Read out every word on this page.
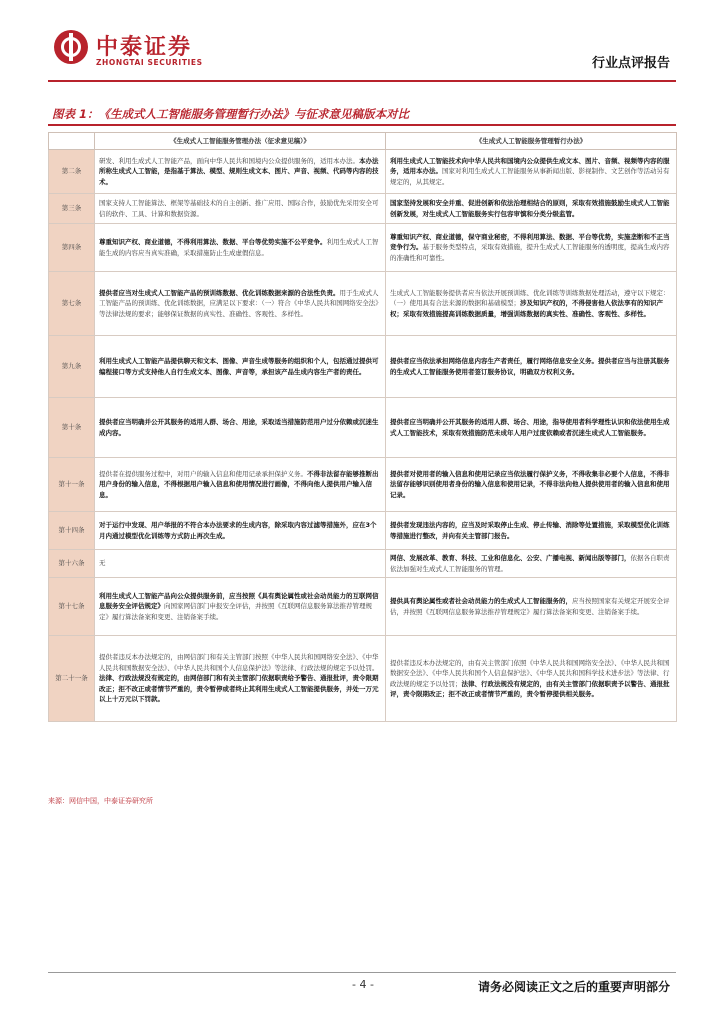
中泰证券
ZHONGTAI SECURITIES	行业点评报告
图表 1：《生成式人工智能服务管理暂行办法》与征求意见稿版本对比
	《生成式人工智能服务管理办法（征求意见稿）》	《生成式人工智能服务管理暂行办法》
第二条	研发、利用生成式人工智能产品，面向中华人民共和国境内公众提供服务的，适用本办法。本办法所称生成式人工智能，是指基于算法、模型、规则生成文本、图片、声音、视频、代码等内容的技术。	利用生成式人工智能技术向中华人民共和国境内公众提供生成文本、图片、音频、视频等内容的服务，适用本办法。国家对利用生成式人工智能服务从事新闻出版、影视制作、文艺创作等活动另有规定的，从其规定。

第三条	国家支持人工智能算法、框架等基础技术的自主创新、推广应用、国际合作，鼓励优先采用安全可信的软件、工具、计算和数据资源。	国家坚持发展和安全并重、促进创新和依法治理相结合的原则，采取有效措施鼓励生成式人工智能创新发展，对生成式人工智能服务实行包容审慎和分类分级监管。

第四条	尊重知识产权、商业道德，不得利用算法、数据、平台等优势实施不公平竞争。利用生成式人工智能生成的内容应当真实准确，采取措施防止生成虚假信息。	尊重知识产权、商业道德，保守商业秘密，不得利用算法、数据、平台等优势，实施垄断和不正当竞争行为。基于服务类型特点，采取有效措施，提升生成式人工智能服务的透明度，提高生成内容的准确性和可靠性。

第七条	提供者应当对生成式人工智能产品的预训练数据、优化训练数据来源的合法性负责。用于生成式人工智能产品的预训练、优化训练数据，应满足以下要求：（一）符合《中华人民共和国网络安全法》等法律法规的要求；能够保证数据的真实性、准确性、客观性、多样性。	生成式人工智能服务提供者应当依法开展预训练、优化训练等训练数据处理活动，遵守以下规定：（一）使用具有合法来源的数据和基础模型；涉及知识产权的，不得侵害他人依法享有的知识产权；采取有效措施提高训练数据质量，增强训练数据的真实性、准确性、客观性、多样性。

第九条	利用生成式人工智能产品提供聊天和文本、图像、声音生成等服务的组织和个人，包括通过提供可编程接口等方式支持他人自行生成文本、图像、声音等，承担该产品生成内容生产者的责任。	提供者应当依法承担网络信息内容生产者责任，履行网络信息安全义务。提供者应当与注册其服务的生成式人工智能服务使用者签订服务协议，明确双方权利义务。

第十条	提供者应当明确并公开其服务的适用人群、场合、用途，采取适当措施防范用户过分依赖或沉迷生成内容。	提供者应当明确并公开其服务的适用人群、场合、用途，指导使用者科学理性认识和依法使用生成式人工智能技术，采取有效措施防范未成年人用户过度依赖或者沉迷生成式人工智能服务。

第十一条	提供者在提供服务过程中，对用户的输入信息和使用记录承担保护义务。不得非法留存能够推断出用户身份的输入信息，不得根据用户输入信息和使用情况进行画像，不得向他人提供用户输入信息。	提供者对使用者的输入信息和使用记录应当依法履行保护义务，不得收集非必要个人信息，不得非法留存能够识别使用者身份的输入信息和使用记录，不得非法向他人提供使用者的输入信息和使用记录。

第十四条	对于运行中发现、用户举报的不符合本办法要求的生成内容，除采取内容过滤等措施外，应在3个月内通过模型优化训练等方式防止再次生成。	提供者发现违法内容的，应当及时采取停止生成、停止传输、消除等处置措施，采取模型优化训练等措施进行整改，并向有关主管部门报告。

第十六条	无	网信、发展改革、教育、科技、工业和信息化、公安、广播电视、新闻出版等部门，依据各自职责依法加强对生成式人工智能服务的管理。

第十七条	利用生成式人工智能产品向公众提供服务前，应当按照《具有舆论属性或社会动员能力的互联网信息服务安全评估规定》向国家网信部门申报安全评估，并按照《互联网信息服务算法推荐管理规定》履行算法备案和变更、注销备案手续。	提供具有舆论属性或者社会动员能力的生成式人工智能服务的，应当按照国家有关规定开展安全评估，并按照《互联网信息服务算法推荐管理规定》履行算法备案和变更、注销备案手续。

第二十一条	提供者违反本办法规定的，由网信部门和有关主管部门按照《中华人民共和国网络安全法》、《中华人民共和国数据安全法》、《中华人民共和国个人信息保护法》等法律、行政法规的规定予以处罚。法律、行政法规没有规定的，由网信部门和有关主管部门依据职责给予警告、通报批评，责令限期改正；拒不改正或者情节严重的，责令暂停或者终止其利用生成式人工智能提供服务，并处一万元以上十万元以下罚款。	提供者违反本办法规定的，由有关主管部门依照《中华人民共和国网络安全法》、《中华人民共和国数据安全法》、《中华人民共和国个人信息保护法》、《中华人民共和国科学技术进步法》等法律、行政法规的规定予以处罚；法律、行政法规没有规定的，由有关主管部门依据职责予以警告、通报批评，责令限期改正；拒不改正或者情节严重的，责令暂停提供相关服务。

来源：网信中国，中泰证券研究所
- 4 -	请务必阅读正文之后的重要声明部分
